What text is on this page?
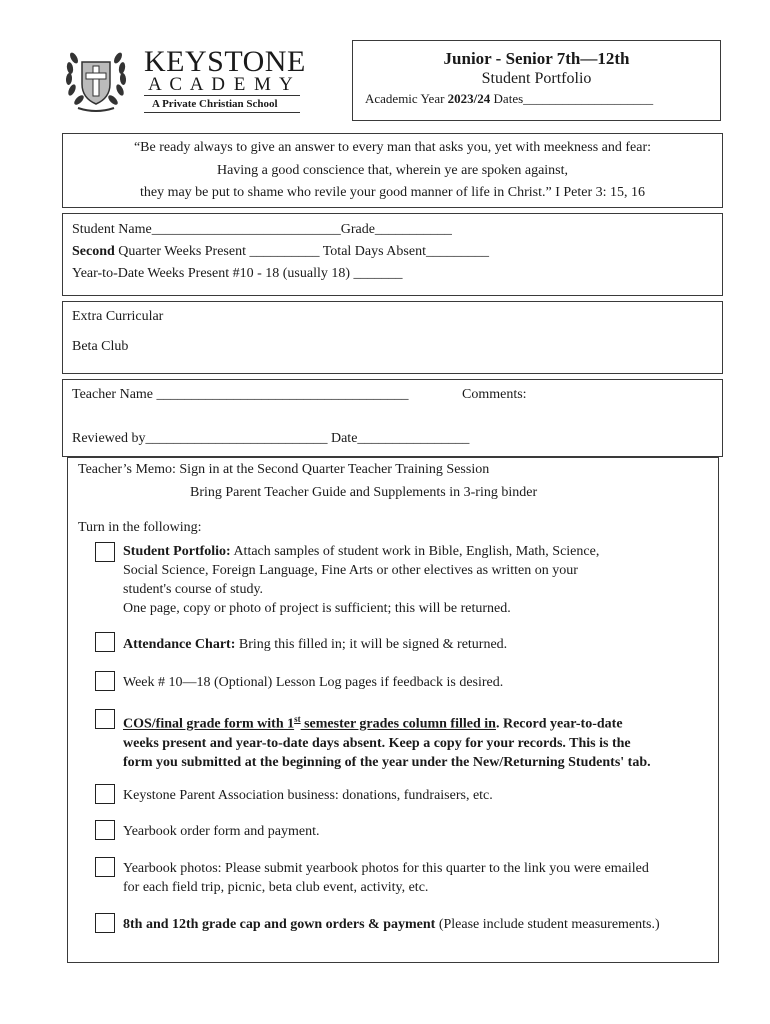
KEYSTONE
A C A D E M Y
A Private Christian School
Junior - Senior 7th—12th
Student Portfolio
Academic Year 2023/24 Dates____________________
“Be ready always to give an answer to every man that asks you, yet with meekness and fear:
Having a good conscience that, wherein ye are spoken against,
they may be put to shame who revile your good manner of life in Christ.” I Peter 3: 15, 16
Student Name___________________________Grade___________
Second Quarter Weeks Present __________ Total Days Absent_________
Year-to-Date Weeks Present #10 - 18 (usually 18) _______
Extra Curricular
Beta Club
Teacher Name ____________________________________	Comments:
Reviewed by__________________________ Date________________
Teacher’s Memo: Sign in at the Second Quarter Teacher Training Session
Bring Parent Teacher Guide and Supplements in 3-ring binder
Turn in the following:
Student Portfolio: Attach samples of student work in Bible, English, Math, Science,
Social Science, Foreign Language, Fine Arts or other electives as written on your
student's course of study.
One page, copy or photo of project is sufficient; this will be returned.
Attendance Chart: Bring this filled in; it will be signed & returned.
Week # 10—18 (Optional) Lesson Log pages if feedback is desired.
COS/final grade form with 1st semester grades column filled in. Record year-to-date
weeks present and year-to-date days absent. Keep a copy for your records. This is the
form you submitted at the beginning of the year under the New/Returning Students' tab.
Keystone Parent Association business: donations, fundraisers, etc.
Yearbook order form and payment.
Yearbook photos: Please submit yearbook photos for this quarter to the link you were emailed
for each field trip, picnic, beta club event, activity, etc.
8th and 12th grade cap and gown orders & payment (Please include student measurements.)
